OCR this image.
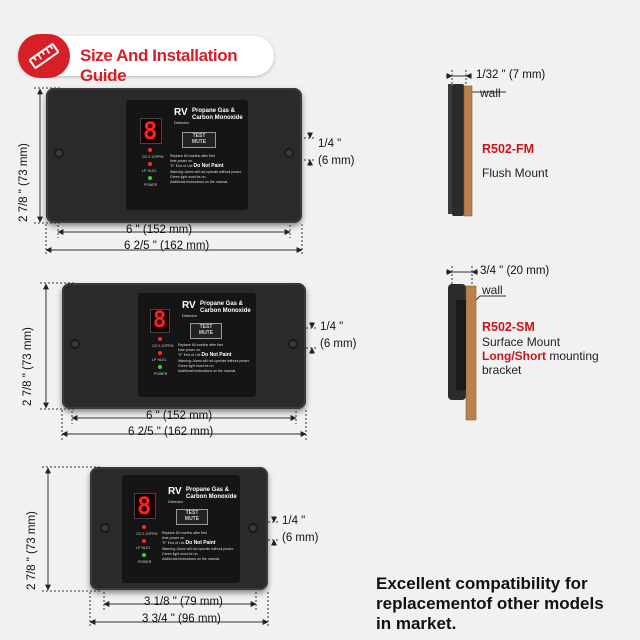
Size And Installation Guide
8
RV
Detector
Propane Gas &
Carbon Monoxide
TEST
MUTE
CO 0.1GPPM
LP %LEL
POWER
Replace 60 months after first
time power on.
"E" End of Life Do Not Paint
Warning: Alarm will not operate without power.
Green light must be on.
Additional instructions on the manual.
8
RV
Detector
Propane Gas &
Carbon Monoxide
TEST
MUTE
CO 0.1GPPM
LP %LEL
POWER
Replace 60 months after first
time power on.
"E" End of Life Do Not Paint
Warning: Alarm will not operate without power.
Green light must be on.
Additional instructions on the manual.
8
RV
Detector
Propane Gas &
Carbon Monoxide
TEST
MUTE
CO 0.1GPPM
LP %LEL
POWER
Replace 60 months after first
time power on.
"E" End of Life Do Not Paint
Warning: Alarm will not operate without power.
Green light must be on.
Additional instructions on the manual.
2 7/8 " (73 mm)
6 " (152 mm)
6 2/5 " (162 mm)
1/4 "
(6 mm)
2 7/8 " (73 mm)
6 " (152 mm)
6 2/5 " (162 mm)
1/4 "
(6 mm)
2 7/8 " (73 mm)
3 1/8 " (79 mm)
3 3/4 " (96 mm)
1/4 "
(6 mm)
1/32 " (7 mm)
wall
R502-FM
Flush Mount
3/4 " (20 mm)
wall
R502-SM
Surface Mount
Long/Short mounting
bracket
Excellent compatibility for
replacementof other models
in market.
